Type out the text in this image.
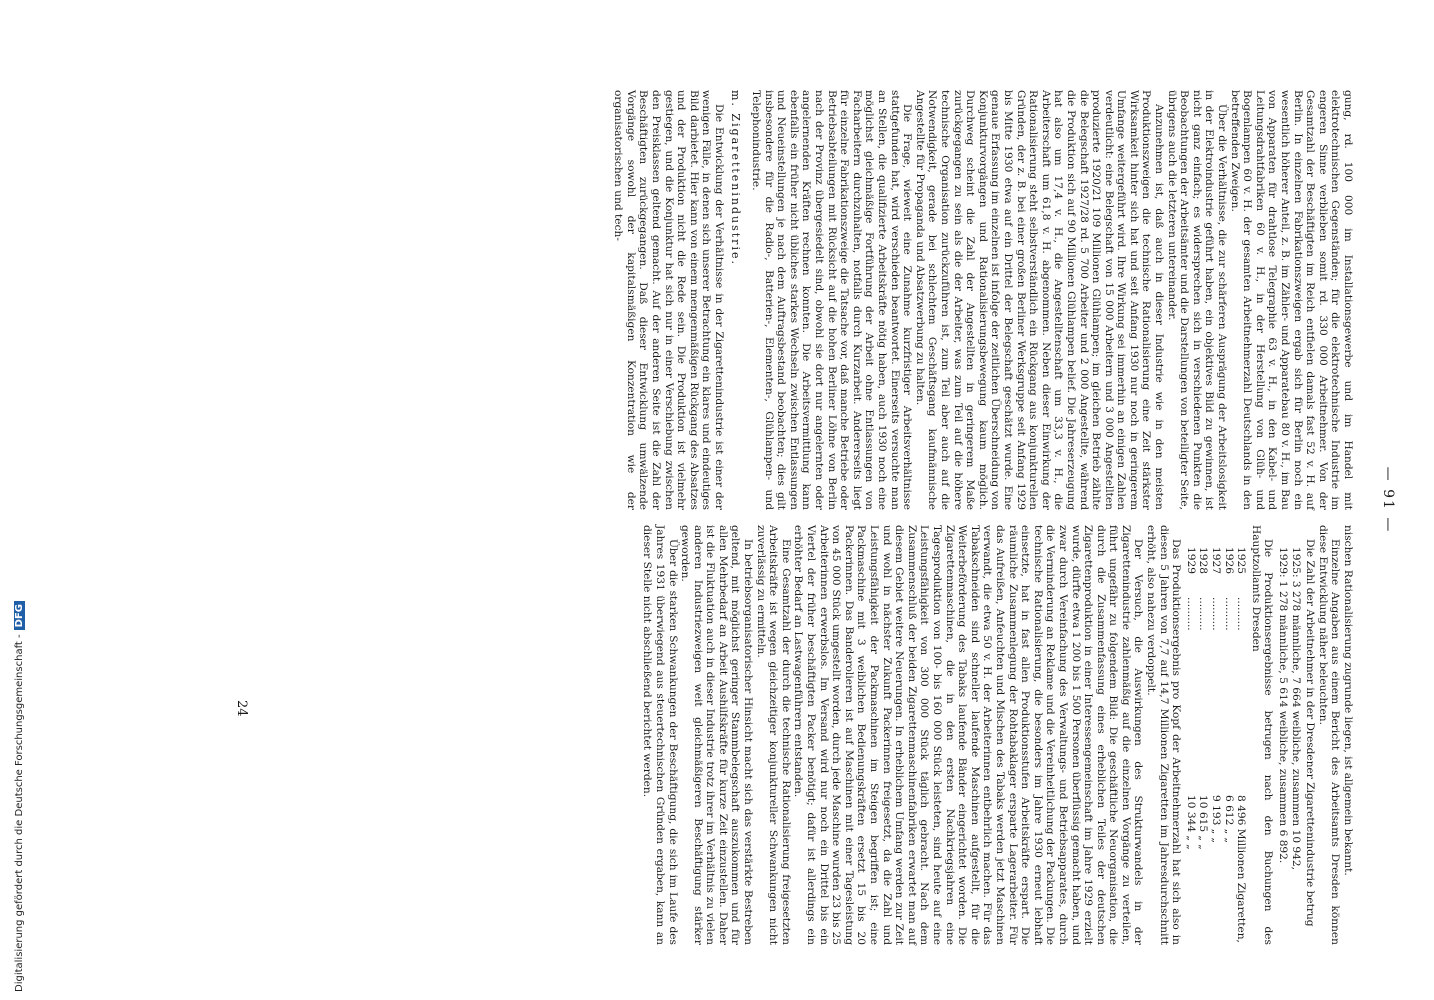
— 91 —

gung, rd. 100 000 im Installationsgewerbe und im Handel mit elektrotechnischen Gegenständen; für die elektrotechnische Industrie im engeren Sinne verblieben somit rd. 330 000 Arbeitnehmer. Von der Gesamtzahl der Beschäftigten im Reich entfielen damals fast 52 v. H. auf Berlin. In einzelnen Fabrikationszweigen ergab sich für Berlin noch ein wesentlich höherer Anteil, z. B. im Zähler- und Apparatebau 80 v. H., im Bau von Apparaten für drahtlose Telegraphie 63 v. H., in den Kabel- und Leitungsdrahtfabriken 60 v. H., in der Herstellung von Glüh- und Bogenlampen 60 v. H. der gesamten Arbeitnehmerzahl Deutschlands in den betreffenden Zweigen.

Über die Verhältnisse, die zur schärferen Ausprägung der Arbeitslosigkeit in der Elektroindustrie geführt haben, ein objektives Bild zu gewinnen, ist nicht ganz einfach; es widersprechen sich in verschiedenen Punkten die Beobachtungen der Arbeitsämter und die Darstellungen von beteiligter Seite, übrigens auch die letzteren untereinander.

Anzunehmen ist, daß auch in dieser Industrie wie in den meisten Produktionszweigen die technische Rationalisierung eine Zeit stärkster Wirksamkeit hinter sich hat und seit Anfang 1930 nur noch in geringerem Umfange weitergeführt wird. Ihre Wirkung sei immerhin an einigen Zahlen verdeutlicht: eine Belegschaft von 15 000 Arbeitern und 3 000 Angestellten produzierte 1920/21 109 Millionen Glühlampen; im gleichen Betrieb zählte die Belegschaft 1927/28 rd. 5 700 Arbeiter und 2 000 Angestellte, während die Produktion sich auf 90 Millionen Glühlampen belief. Die Jahreserzeugung hat also um 17,4 v. H., die Angestelltenschaft um 33,3 v. H., die Arbeiterschaft um 61,8 v. H. abgenommen. Neben dieser Einwirkung der Rationalisierung steht selbstverständlich ein Rückgang aus konjunkturellen Gründen, der z. B. bei einer großen Berliner Werksgruppe seit Anfang 1929 bis Mitte 1930 etwa auf ein Drittel der Belegschaft geschätzt wurde. Eine genaue Erfassung im einzelnen ist infolge der zeitlichen Überschneidung von Konjunkturvorgängen und Rationalisierungsbewegung kaum möglich. Durchweg scheint die Zahl der Angestellten in geringerem Maße zurückgegangen zu sein als die der Arbeiter, was zum Teil auf die höhere technische Organisation zurückzuführen ist, zum Teil aber auch auf die Notwendigkeit, gerade bei schlechtem Geschäftsgang kaufmännische Angestellte für Propaganda und Absatzwerbung zu halten.

Die Frage, wieweit eine Zunahme kurzfristiger Arbeitsverhältnisse stattgefunden hat, wird verschieden beantwortet. Einerseits versuchte man an Stellen, die qualifizierte Arbeitskräfte nötig haben, auch 1930 noch eine möglichst gleichmäßige Fortführung der Arbeit ohne Entlassungen von Facharbeitern durchzuhalten, notfalls durch Kurzarbeit. Andererseits liegt für einzelne Fabrikationszweige die Tatsache vor, daß manche Betriebe oder Betriebsabteilungen mit Rücksicht auf die hohen Berliner Löhne von Berlin nach der Provinz übergesiedelt sind, obwohl sie dort nur angelernten oder angelernenden Kräften rechnen konnten. Die Arbeitsvermittlung kann ebenfalls ein früher nicht übliches starkes Wechseln zwischen Entlassungen und Neueinstellungen je nach dem Auftragsbestand beobachten; dies gilt insbesondere für die Radio-, Batterien-, Elementen-, Glühlampen- und Telephonindustrie.

m. Zigarettenindustrie.

Die Entwicklung der Verhältnisse in der Zigarettenindustrie ist einer der wenigen Fälle, in denen sich unserer Betrachtung ein klares und eindeutiges Bild darbietet. Hier kann von einem mengenmäßigen Rückgang des Absatzes und der Produktion nicht die Rede sein. Die Produktion ist vielmehr gestiegen, und die Konjunktur hat sich nur in einer Verschiebung zwischen den Preisklassen geltend gemacht. Auf der anderen Seite ist die Zahl der Beschäftigten zurückgegangen. Daß dieser Entwicklung umwälzende Vorgänge sowohl der kapitalsmäßigen Konzentration wie der organisatorischen und tech-

nischen Rationalisierung zugrunde liegen, ist allgemein bekannt.

Einzelne Angaben aus einem Bericht des Arbeitsamts Dresden können diese Entwicklung näher beleuchten.

Die Zahl der Arbeitnehmer in der Dresdener Zigarettenindustrie betrug

1925: 3 278 männliche, 7 664 weibliche, zusammen 10 942,
1929: 1 278 männliche, 5 614 weibliche, zusammen 6 892.

Die Produktionsergebnisse betrugen nach den Buchungen des Hauptzollamts Dresden

1925
..........
8 496 Millionen Zigaretten,
1926
..........
6 612 „ „
1927
..........
9 193 „ „
1928
..........
10 615 „ „
1929
..........
10 344 „ „

Das Produktionsergebnis pro Kopf der Arbeitnehmerzahl hat sich also in diesen 5 Jahren von 7,7 auf 14,7 Millionen Zigaretten im Jahresdurchschnitt erhöht, also nahezu verdoppelt.

Der Versuch, die Auswirkungen des Strukturwandels in der Zigarettenindustrie zahlenmäßig auf die einzelnen Vorgänge zu verteilen, führt ungefähr zu folgendem Bild: Die geschäftliche Neuorganisation, die durch die Zusammenfassung eines erheblichen Teiles der deutschen Zigarettenproduktion in einer Interessengemeinschaft im Jahre 1929 erzielt wurde, dürfte etwa 1 200 bis 1 500 Personen überflüssig gemacht haben, und zwar durch Vereinfachung des Verwaltungs- und Betriebsapparates, durch die Verminderung an Reklame und die Vereinheitlichung der Packungen. Die technische Rationalisierung, die besonders im Jahre 1930 erneut lebhaft einsetzte, hat in fast allen Produktionsstufen Arbeitskräfte erspart. Die räumliche Zusammenlegung der Rohtabaklager ersparte Lagerarbeiter. Für das Aufreißen, Anfeuchten und Mischen des Tabaks werden jetzt Maschinen verwandt, die etwa 50 v. H. der Arbeiterinnen entbehrlich machen. Für das Tabakschneiden sind schneller laufende Maschinen aufgestellt, für die Weiterbeförderung des Tabaks laufende Bänder eingerichtet worden. Die Zigarettenmaschinen, die in den ersten Nachkriegsjahren eine Tagesproduktion von 100- bis 160 000 Stück leisteten, sind heute auf eine Leistungsfähigkeit von 300 000 Stück täglich gebracht. Nach dem Zusammenschluß der beiden Zigarettenmaschinenfabriken erwartet man auf diesem Gebiet weitere Neuerungen. In erheblichem Umfang werden zur Zeit und wohl in nächster Zukunft Packerinnen freigesetzt, da die Zahl und Leistungsfähigkeit der Packmaschinen im Steigen begriffen ist; eine Packmaschine mit 3 weiblichen Bedienungskräften ersetzt 15 bis 20 Packerinnen. Das Banderolieren ist auf Maschinen mit einer Tagesleistung von 45 000 Stück umgestellt worden, durch jede Maschine wurden 23 bis 25 Arbeiterinnen erwerbslos. Im Versand wird nur noch ein Drittel bis ein Viertel der früher beschäftigten Packer benötigt; dafür ist allerdings ein erhöhter Bedarf an Lastwagenführern entstanden.

Eine Gesamtzahl der durch die technische Rationalisierung freigesetzten Arbeitskräfte ist wegen gleichzeitiger konjunktureller Schwankungen nicht zuverlässig zu ermitteln.

In betriebsorganisatorischer Hinsicht macht sich das verstärkte Bestreben geltend, mit möglichst geringer Stammbelegschaft auszukommen und für allen Mehrbedarf an Arbeit Aushilfskräfte für kurze Zeit einzustellen. Daher ist die Fluktuation auch in dieser Industrie trotz ihrer im Verhältnis zu vielen anderen Industriezweigen weit gleichmäßigeren Beschäftigung stärker geworden.

Über die starken Schwankungen der Beschäftigung, die sich im Laufe des Jahres 1931 überwiegend aus steuertechnischen Gründen ergaben, kann an dieser Stelle nicht abschließend berichtet werden.

24
Digitalisierung gefördert durch die Deutsche Forschungsgemeinschaft -DFG
